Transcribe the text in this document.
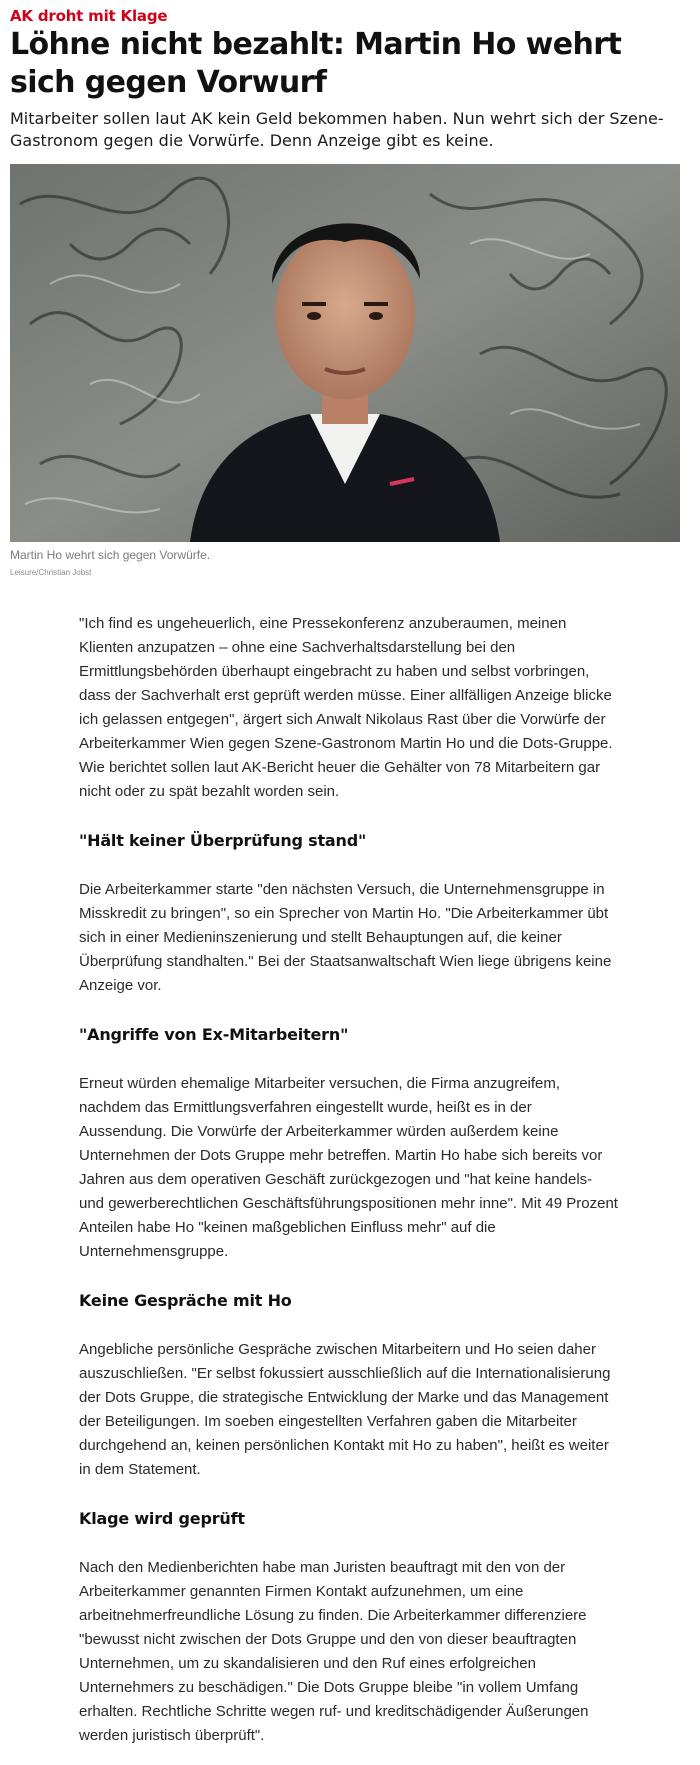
AK droht mit Klage
Löhne nicht bezahlt: Martin Ho wehrt sich gegen Vorwurf

Mitarbeiter sollen laut AK kein Geld bekommen haben. Nun wehrt sich der Szene-Gastronom gegen die Vorwürfe. Denn Anzeige gibt es keine.

Martin Ho wehrt sich gegen Vorwürfe.
Leisure/Christian Jobst

"Ich find es ungeheuerlich, eine Pressekonferenz anzuberaumen, meinen Klienten anzupatzen – ohne eine Sachverhaltsdarstellung bei den Ermittlungsbehörden überhaupt eingebracht zu haben und selbst vorbringen, dass der Sachverhalt erst geprüft werden müsse. Einer allfälligen Anzeige blicke ich gelassen entgegen", ärgert sich Anwalt Nikolaus Rast über die Vorwürfe der Arbeiterkammer Wien gegen Szene-Gastronom Martin Ho und die Dots-Gruppe. Wie berichtet sollen laut AK-Bericht heuer die Gehälter von 78 Mitarbeitern gar nicht oder zu spät bezahlt worden sein.

"Hält keiner Überprüfung stand"

Die Arbeiterkammer starte "den nächsten Versuch, die Unternehmensgruppe in Misskredit zu bringen", so ein Sprecher von Martin Ho. "Die Arbeiterkammer übt sich in einer Medieninszenierung und stellt Behauptungen auf, die keiner Überprüfung standhalten." Bei der Staatsanwaltschaft Wien liege übrigens keine Anzeige vor.

"Angriffe von Ex-Mitarbeitern"

Erneut würden ehemalige Mitarbeiter versuchen, die Firma anzugreifem, nachdem das Ermittlungsverfahren eingestellt wurde, heißt es in der Aussendung. Die Vorwürfe der Arbeiterkammer würden außerdem keine Unternehmen der Dots Gruppe mehr betreffen. Martin Ho habe sich bereits vor Jahren aus dem operativen Geschäft zurückgezogen und "hat keine handels- und gewerberechtlichen Geschäftsführungspositionen mehr inne". Mit 49 Prozent Anteilen habe Ho "keinen maßgeblichen Einfluss mehr" auf die Unternehmensgruppe.

Keine Gespräche mit Ho

Angebliche persönliche Gespräche zwischen Mitarbeitern und Ho seien daher auszuschließen. "Er selbst fokussiert ausschließlich auf die Internationalisierung der Dots Gruppe, die strategische Entwicklung der Marke und das Management der Beteiligungen. Im soeben eingestellten Verfahren gaben die Mitarbeiter durchgehend an, keinen persönlichen Kontakt mit Ho zu haben", heißt es weiter in dem Statement.

Klage wird geprüft

Nach den Medienberichten habe man Juristen beauftragt mit den von der Arbeiterkammer genannten Firmen Kontakt aufzunehmen, um eine arbeitnehmerfreundliche Lösung zu finden. Die Arbeiterkammer differenziere "bewusst nicht zwischen der Dots Gruppe und den von dieser beauftragten Unternehmen, um zu skandalisieren und den Ruf eines erfolgreichen Unternehmers zu beschädigen." Die Dots Gruppe bleibe "in vollem Umfang erhalten. Rechtliche Schritte wegen ruf- und kreditschädigender Äußerungen werden juristisch überprüft".
